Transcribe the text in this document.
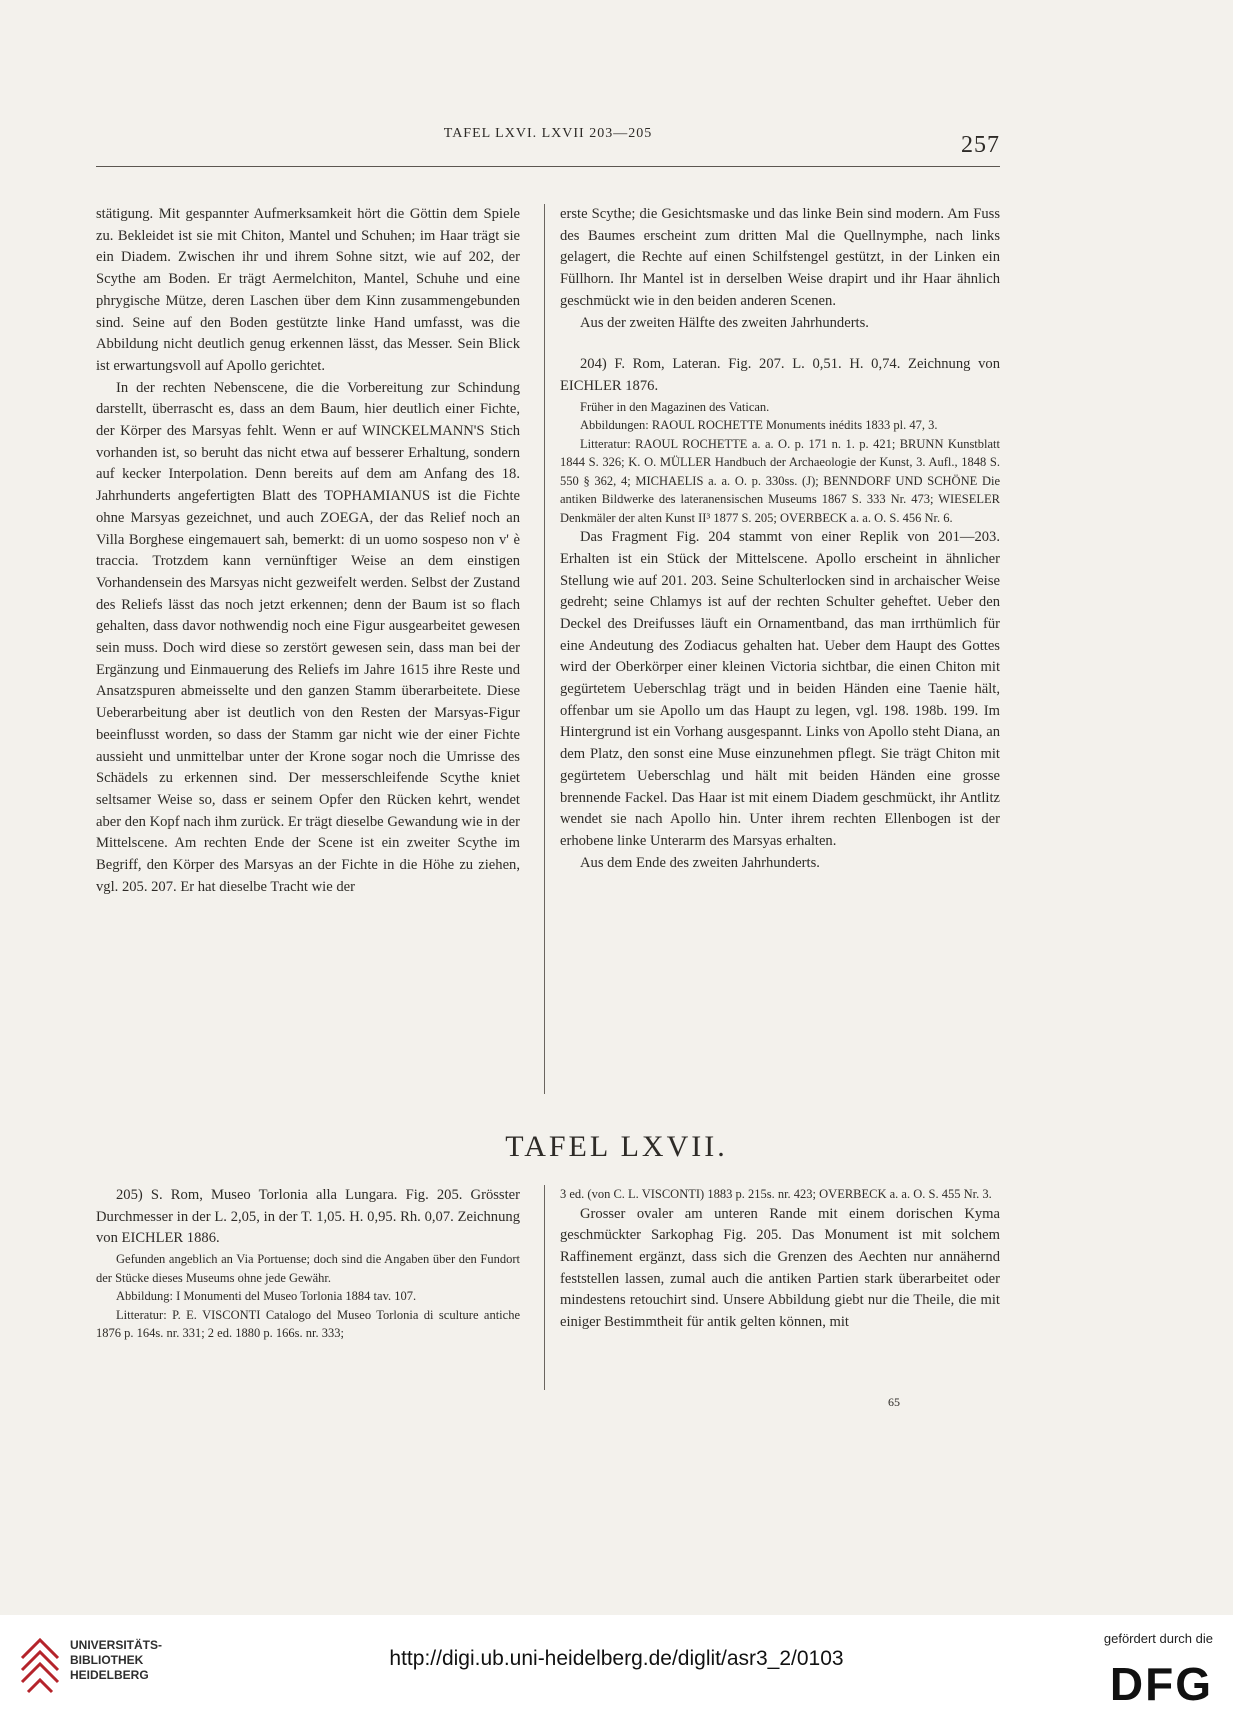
TAFEL LXVI. LXVII 203—205	257

stätigung. Mit gespannter Aufmerksamkeit hört die Göttin dem Spiele zu. Bekleidet ist sie mit Chiton, Mantel und Schuhen; im Haar trägt sie ein Diadem. Zwischen ihr und ihrem Sohne sitzt, wie auf 202, der Scythe am Boden. Er trägt Aermelchiton, Mantel, Schuhe und eine phrygische Mütze, deren Laschen über dem Kinn zusammengebunden sind. Seine auf den Boden gestützte linke Hand umfasst, was die Abbildung nicht deutlich genug erkennen lässt, das Messer. Sein Blick ist erwartungsvoll auf Apollo gerichtet.

In der rechten Nebenscene, die die Vorbereitung zur Schindung darstellt, überrascht es, dass an dem Baum, hier deutlich einer Fichte, der Körper des Marsyas fehlt. Wenn er auf WINCKELMANN'S Stich vorhanden ist, so beruht das nicht etwa auf besserer Erhaltung, sondern auf kecker Interpolation. Denn bereits auf dem am Anfang des 18. Jahrhunderts angefertigten Blatt des TOPHAMIANUS ist die Fichte ohne Marsyas gezeichnet, und auch ZOEGA, der das Relief noch an Villa Borghese eingemauert sah, bemerkt: di un uomo sospeso non v' è traccia. Trotzdem kann vernünftiger Weise an dem einstigen Vorhandensein des Marsyas nicht gezweifelt werden. Selbst der Zustand des Reliefs lässt das noch jetzt erkennen; denn der Baum ist so flach gehalten, dass davor nothwendig noch eine Figur ausgearbeitet gewesen sein muss. Doch wird diese so zerstört gewesen sein, dass man bei der Ergänzung und Einmauerung des Reliefs im Jahre 1615 ihre Reste und Ansatzspuren abmeisselte und den ganzen Stamm überarbeitete. Diese Ueberarbeitung aber ist deutlich von den Resten der Marsyas-Figur beeinflusst worden, so dass der Stamm gar nicht wie der einer Fichte aussieht und unmittelbar unter der Krone sogar noch die Umrisse des Schädels zu erkennen sind. Der messerschleifende Scythe kniet seltsamer Weise so, dass er seinem Opfer den Rücken kehrt, wendet aber den Kopf nach ihm zurück. Er trägt dieselbe Gewandung wie in der Mittelscene. Am rechten Ende der Scene ist ein zweiter Scythe im Begriff, den Körper des Marsyas an der Fichte in die Höhe zu ziehen, vgl. 205. 207. Er hat dieselbe Tracht wie der

erste Scythe; die Gesichtsmaske und das linke Bein sind modern. Am Fuss des Baumes erscheint zum dritten Mal die Quellnymphe, nach links gelagert, die Rechte auf einen Schilfstengel gestützt, in der Linken ein Füllhorn. Ihr Mantel ist in derselben Weise drapirt und ihr Haar ähnlich geschmückt wie in den beiden anderen Scenen.

Aus der zweiten Hälfte des zweiten Jahrhunderts.

204) F. Rom, Lateran. Fig. 207. L. 0,51. H. 0,74. Zeichnung von EICHLER 1876.

Früher in den Magazinen des Vatican.

Abbildungen: RAOUL ROCHETTE Monuments inédits 1833 pl. 47, 3.

Litteratur: RAOUL ROCHETTE a. a. O. p. 171 n. 1. p. 421; BRUNN Kunstblatt 1844 S. 326; K. O. MÜLLER Handbuch der Archaeologie der Kunst, 3. Aufl., 1848 S. 550 § 362, 4; MICHAELIS a. a. O. p. 330ss. (J); BENNDORF UND SCHÖNE Die antiken Bildwerke des lateranensischen Museums 1867 S. 333 Nr. 473; WIESELER Denkmäler der alten Kunst II³ 1877 S. 205; OVERBECK a. a. O. S. 456 Nr. 6.

Das Fragment Fig. 204 stammt von einer Replik von 201—203. Erhalten ist ein Stück der Mittelscene. Apollo erscheint in ähnlicher Stellung wie auf 201. 203. Seine Schulterlocken sind in archaischer Weise gedreht; seine Chlamys ist auf der rechten Schulter geheftet. Ueber den Deckel des Dreifusses läuft ein Ornamentband, das man irrthümlich für eine Andeutung des Zodiacus gehalten hat. Ueber dem Haupt des Gottes wird der Oberkörper einer kleinen Victoria sichtbar, die einen Chiton mit gegürtetem Ueberschlag trägt und in beiden Händen eine Taenie hält, offenbar um sie Apollo um das Haupt zu legen, vgl. 198. 198b. 199. Im Hintergrund ist ein Vorhang ausgespannt. Links von Apollo steht Diana, an dem Platz, den sonst eine Muse einzunehmen pflegt. Sie trägt Chiton mit gegürtetem Ueberschlag und hält mit beiden Händen eine grosse brennende Fackel. Das Haar ist mit einem Diadem geschmückt, ihr Antlitz wendet sie nach Apollo hin. Unter ihrem rechten Ellenbogen ist der erhobene linke Unterarm des Marsyas erhalten.

Aus dem Ende des zweiten Jahrhunderts.

TAFEL LXVII.

205) S. Rom, Museo Torlonia alla Lungara. Fig. 205. Grösster Durchmesser in der L. 2,05, in der T. 1,05. H. 0,95. Rh. 0,07. Zeichnung von EICHLER 1886.

Gefunden angeblich an Via Portuense; doch sind die Angaben über den Fundort der Stücke dieses Museums ohne jede Gewähr.

Abbildung: I Monumenti del Museo Torlonia 1884 tav. 107.

Litteratur: P. E. VISCONTI Catalogo del Museo Torlonia di sculture antiche 1876 p. 164s. nr. 331; 2 ed. 1880 p. 166s. nr. 333;

3 ed. (von C. L. VISCONTI) 1883 p. 215s. nr. 423; OVERBECK a. a. O. S. 455 Nr. 3.

Grosser ovaler am unteren Rande mit einem dorischen Kyma geschmückter Sarkophag Fig. 205. Das Monument ist mit solchem Raffinement ergänzt, dass sich die Grenzen des Aechten nur annähernd feststellen lassen, zumal auch die antiken Partien stark überarbeitet oder mindestens retouchirt sind. Unsere Abbildung giebt nur die Theile, die mit einiger Bestimmtheit für antik gelten können, mit

65
UNIVERSITÄTS-
BIBLIOTHEK
HEIDELBERG
http://digi.ub.uni-heidelberg.de/diglit/asr3_2/0103
gefördert durch die
DFG
